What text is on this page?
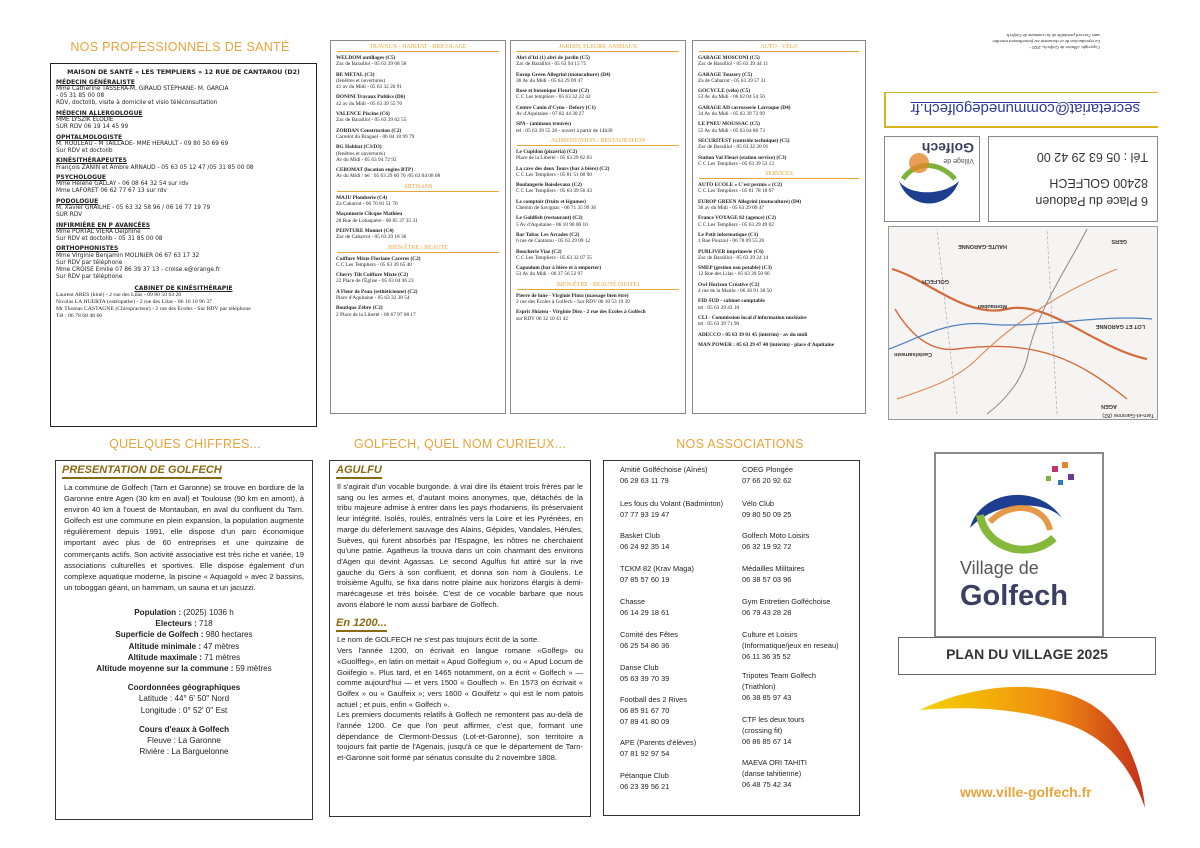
NOS PROFESSIONNELS DE SANTÉ
MAISON DE SANTÉ « LES TEMPLIERS » 12 RUE DE CANTAROU (D2)

MÉDECIN GÉNÉRALISTE

Mme Catherine TASSERA-M. GIRAUD STÉPHANE- M. GARCIA
- 05 31 85 00 08
RDV, doctolib, visite à domicile et visio téléconsultation

MÉDECIN ALLERGOLOGUE

MME LYSZIK ÉLODIE
SUR RDV 06 19 14 45 99

OPHTALMOLOGISTE

M. ROULEAU - M TAILLADE- MME HERAULT - 09 80 50 69 69
Sur RDV et doctolib

KINÉSITHÉRAPEUTES

François ZANIN et Ambre ARNAUD - 05 63 05 12 47 /05 31 85 00 08

PSYCHOLOGUE

Mme Hélène GALLAY - 06 08 64 32 54 sur rdv
Mme LAFORET 06 62 77 67 13 sur rdv

PODOLOGUE

M. Xavier GRAILHE - 05 63 32 58 96 / 06 16 77 19 79
SUR RDV

INFIRMIÈRE EN P AVANCÉES

Mme PORTAL VIERA Delphine
Sur RDV et doctolib - 05 31 85 00 08

ORTHOPHONISTES

Mme Virginie Benjamin MOLINIER 06 67 63 17 32
Sur RDV par téléphone
Mme CROISE Emilie 07 86 39 37 13 - croise.e@orange.fr
Sur RDV par téléphone

CABINET DE KINÉSITHÉRAPIE

Laurent ARES (kiné) - 2 rue des Lilas - 09 80 50 63 20
Nicolas LA HUERTA (ostéopathe) - 2 rue des Lilas - 06 16 10 96 37
Mr Thomas CASTAGNE (Chiropracteur) - 2 rue des Ecoles - Sur RDV par téléphone
Tél : 06 78 68 48 66

TRAVAUX - HABITAT - BRICOLAGE
WELDOM outillages (C5)
Zac de Baraillol - 05 63 39 68 58
BE METAL (C3)
(fenêtres et ouvertures)
41 av du Midi - 05 63 32 20 91
DONINI Travaux Publics (D6)
42 av du Midi - 05 63 39 55 76
VALENCE Piscine (C6)
Zac de Baraillol - 05 63 39 62 55
ZORDAN Construction (C2)
Carrelot du Braguel - 06 84 18 99 79
BG Habitat (C3/D3)
(fenêtres et ouvertures)
Av du Midi - 05 63 94 72 92
CEBOMAT (location engins BTP)
Av du Midi / tel : 05 63 29 60 70 /05 63 04 08 08
ARTISANS
MAJU Plomberie (C4)
Za Cabarrot - 06 70 81 51 70
Maçonnerie Clicque Mathieu
28 Rue de Lobaquère - 06 85 37 35 31
PEINTURE Monnet (C4)
Zac de Cabarrot - 05 63 29 18 36
BIEN-ÊTRE - BEAUTÉ
Coiffure Mixte Floriane Caceres (C2)
C C Les Templiers - 05 63 39 65 40
Cherry Tilt Coiffure Mixte (C2)
22 Place de l'Église - 05 63 04 46 23
A Fleur de Peau (esthéticienne) (C2)
Place d'Aquitaine - 05 63 32 38 54
Boutique Zèbre (C2)
2 Place de la Liberté - 06 67 97 08 17
JARDIN, FLEURS, ANIMAUX
Abri d'Izi (1) abri de jardin (C5)
Zac de Baraillol - 05 63 94 15 75
Europ Green Allegrini (motoculture) (D4)
36 Av du Midi - 05 63 29 09 47
Rose et botanique Fleuriste (C2)
C C Les templiers - 05 63 32 22 42
Centre Canin d'Cyno - Defory (C1)
Av d'Aquitaine - 07 82 44 30 27
SPA - (animaux trouvés)
tel : 05 63 39 55 20 - ouvert à partir de 14h30
ALIMENTATION - RESTAURATION
Le Cupidon (pizzéria) (C2)
Place de la Liberté - 05 63 29 02 83
La cave des deux Tours (bar à bière) (C2)
C C Les Templiers - 05 81 51 00 90
Boulangerie Boisdevaux (C2)
C C Les Templiers - 05 63 39 56 43
Le comptoir (fruits et légumes)
Chemin de Savignac - 06 71 35 99 36
Le Goldfish (restaurant) (C2)
5 Av d'Aquitaine - 06 10 90 00 10
Bar Tabac Les Arcades (C2)
6 rue de Cantarou - 05 63 29 09 12
Boucherie Viaz (C2)
C C Les Templiers - 05 63 32 07 55
Capoulum (bar à bière et à emporter)
53 Av du Midi - 06 37 56 52 97
BIEN-ÊTRE - BEAUTÉ (SUITE)
Pierre de lune - Virginie Pinto (massage bien être)
2 rue des Écoles à Golfech - Sur RDV 06 10 53 19 39
Esprit Shiatsu - Virginie Diez - 2 rue des Ecoles à Golfech
sur RDV 06 32 10 41 42
AUTO - VÉLO
GARAGE MOSCONI (C5)
Zac de Baraillol - 05 63 39 44 11
GARAGE Touzery (C5)
Za de Cabarrot - 05 63 39 57 31
GOCYCLE (vélo) (C5)
53 Av du Midi - 06 62 04 54 56
GARAGE AD carrosserie Larroque (D4)
34 Av du Midi - 05 63 39 72 09
LE PNEU MOUSSAC (C5)
55 Av du Midi - 05 63 04 86 73
SECURITEST (contrôle technique) (C5)
Zac de Baraillol - 05 63 32 20 91
Station Val Fleuri (station service) (C3)
C C Les Templiers - 05 63 39 53 13
SERVICES
AUTO ECOLE « C'est permis » (C2)
C C Les Templiers - 05 81 78 18 67
EUROP GREEN Allegrini (motoculture) (D4)
36 av du Midi - 05 63 29 09 47
France VOYAGE 82 (agence) (C2)
C C Les Templiers - 05 63 29 49 02
Le Petit informatique (C1)
1 Rue Pouziol - 06 78 09 55 26
PUBLIVER imprimerie (C6)
Zac de Baraillol - 05 63 29 24 14
SMEP (gestion eau potable) (C3)
12 Rue des Lilas - 05 63 39 50 66
Owl Horizon Créative (C2)
4 rue de la Mairie - 06 36 91 38 50
FID SUD - cabinet comptable
tel : 05 63 29 43 10
CLI - Commission local d'information nucléaire
tel : 05 63 39 71 90
ADECCO : 05 63 39 01 45 (intérim) - av du midi
MAN POWER : 05 63 29 47 40 (intérim) - place d'Aquitaine
Copyright «Mairie de Golfech» 2025 -
La reproduction de ce document est formellement interdite
sans l'accord préalable de la commune de Golfech.
secretariat@communedegolfech.fr
6 Place du Padouen
82400 GOLFECH
Tél : 05 63 29 42 00
Village de
Golfech
Montauban
Castelsarrasin
GOLFECH
HAUTE-GARONNE
GERS
LOT ET GARONNE
AGEN
Tarn-et-Garonne (82)
QUELQUES CHIFFRES...
PRESENTATION DE GOLFECH
La commune de Golfech (Tarn et Garonne) se trouve en bordure de la Garonne entre Agen (30 km en aval) et Toulouse (90 km en amont), à environ 40 km à l'ouest de Montauban, en aval du confluent du Tarn. Golfech est une commune en plein expansion, la population augmente régulièrement depuis 1991, elle dispose d'un parc économique important avec plus de 60 entreprises et une quinzaine de commerçants actifs. Son activité associative est très riche et variée, 19 associations culturelles et sportives. Elle dispose également d'un complexe aquatique moderne, la piscine « Aquagold » avec 2 bassins, un toboggan géant, un hammam, un sauna et un jacuzzi.
Population : (2025) 1036 h
Electeurs : 718
Superficie de Golfech : 980 hectares
Altitude minimale : 47 mètres
Altitude maximale : 71 mètres
Altitude moyenne sur la commune : 59 mètres
Coordonnées géographiques
Latitude : 44° 6' 50'' Nord
Longitude : 0° 52' 0'' Est
Cours d'eaux à Golfech
Fleuve : La Garonne
Rivière : La Barguelonne
GOLFECH, QUEL NOM CURIEUX...
AGULFU
Il s'agirait d'un vocable burgonde. à vrai dire ils étaient trois frères par le sang ou les armes et, d'autant moins anonymes, que, détachés de la tribu majeure admise à entrer dans les pays rhodaniens, ils préservaient leur intégrité. Isolés, roulés, entraînés vers la Loire et les Pyrénées, en marge du déferlement sauvage des Alains, Gépides, Vandales, Hérules, Suèves, qui furent absorbés par l'Espagne, les nôtres ne cherchaient qu'une patrie. Agatheus la trouva dans un coin charmant des environs d'Agen qui devint Agassas. Le second Agulfus fut attiré sur la rive gauche du Gers à son confluent, et donna son nom à Goulens. Le troisième Agulfu, se fixa dans notre plaine aux horizons élargis à demi-marécageuse et très boisée. C'est de ce vocable barbare que nous avons élaboré le nom aussi barbare de Golfech.
En 1200...
Le nom de GOLFECH ne s'est pas toujours écrit de la sorte.
Vers l'année 1200, on écrivait en langue romane «Golfeg» ou «Guolffeg», en latin on mettait « Apud Golfegium », ou « Apud Locum de Goiifegio ». Plus tard, et en 1465 notamment, on a écrit « Golfech » — comme aujourd'hui — et vers 1500 « Goulfech ». En 1573 on écrivait « Golfex » ou « Gaulfeix »; vers 1600 « Goulfetz » qui est le nom patois actuel ; et puis, enfin « Golfech ».
Les premiers documents relatifs à Golfech ne remontent pas au-delà de l'année 1200. Ce que l'on peut affirmer, c'est que, formant une dépendance de Clermont-Dessus (Lot-et-Garonne), son territoire a toujours fait partie de l'Agenais, jusqu'à ce que le département de Tarn-et-Garonne soit formé par sénatus consulte du 2 novembre 1808.
NOS ASSOCIATIONS
Amitié Golféchoise (Aînés)
06 28 63 11 79
Les fous du Volant (Badminton)
07 77 93 19 47
Basket Club
06 24 92 35 14
TCKM 82 (Krav Maga)
07 85 57 60 19
Chasse
06 14 29 18 61
Comité des Fêtes
06 25 54 86 36
Danse Club
05 63 39 70 39
Football des 2 Rives
06 85 91 67 70
07 89 41 80 09
APE (Parents d'élèves)
07 81 92 97 54
Pétanque Club
06 23 39 56 21
COEG Plongée
07 66 20 92 62
Vélo Club
09 80 50 09 25
Golfech Moto Loisirs
06 32 19 92 72
Médailles Militaires
06 38 57 03 96
Gym Entretien Golféchoise
06 79 43 28 28
Culture et Loisirs
(Informatique/jeux en reseau)
06 11 36 35 52
Tripotes Team Golfech
(Triathlon)
06 38 85 97 43
CTF les deux tours
(crossing fit)
06 86 85 67 14
MAEVA ORI TAHITI
(danse tahitienne)
06 48 75 42 34
Village de
Golfech
PLAN DU VILLAGE 2025
www.ville-golfech.fr
